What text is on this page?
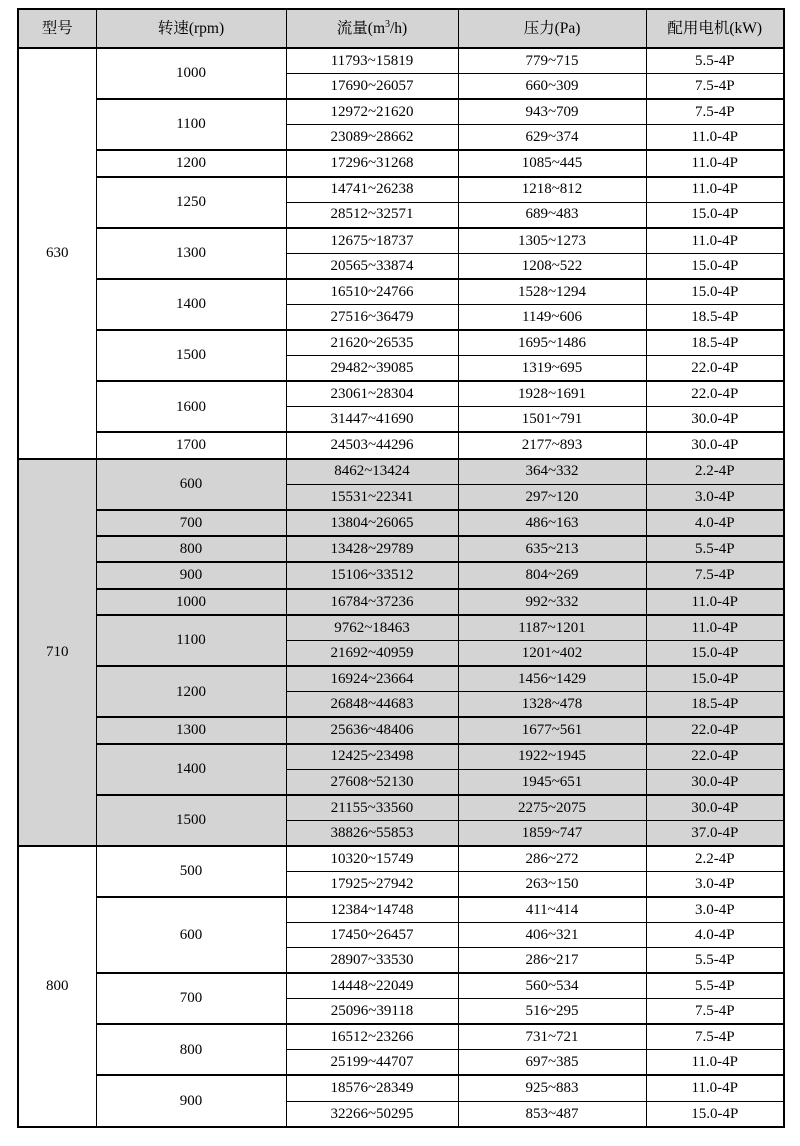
型号	转速(rpm)	流量$(m^3/h)$	压力(Pa)	配用电机(kW)
630	1000	11793~15819	779~715	5.5-4P
		17690~26057	660~309	7.5-4P
	1100	12972~21620	943~709	7.5-4P
		23089~28662	629~374	11.0-4P
	1200	17296~31268	1085~445	11.0-4P
	1250	14741~26238	1218~812	11.0-4P
		28512~32571	689~483	15.0-4P
	1300	12675~18737	1305~1273	11.0-4P
		20565~33874	1208~522	15.0-4P
	1400	16510~24766	1528~1294	15.0-4P
		27516~36479	1149~606	18.5-4P
	1500	21620~26535	1695~1486	18.5-4P
		29482~39085	1319~695	22.0-4P
	1600	23061~28304	1928~1691	22.0-4P
		31447~41690	1501~791	30.0-4P
	1700	24503~44296	2177~893	30.0-4P
710	600	8462~13424	364~332	2.2-4P
		15531~22341	297~120	3.0-4P
	700	13804~26065	486~163	4.0-4P
	800	13428~29789	635~213	5.5-4P
	900	15106~33512	804~269	7.5-4P
	1000	16784~37236	992~332	11.0-4P
	1100	9762~18463	1187~1201	11.0-4P
		21692~40959	1201~402	15.0-4P
	1200	16924~23664	1456~1429	15.0-4P
		26848~44683	1328~478	18.5-4P
	1300	25636~48406	1677~561	22.0-4P
	1400	12425~23498	1922~1945	22.0-4P
		27608~52130	1945~651	30.0-4P
	1500	21155~33560	2275~2075	30.0-4P
		38826~55853	1859~747	37.0-4P
800	500	10320~15749	286~272	2.2-4P
		17925~27942	263~150	3.0-4P
	600	12384~14748	411~414	3.0-4P
		17450~26457	406~321	4.0-4P
		28907~33530	286~217	5.5-4P
	700	14448~22049	560~534	5.5-4P
		25096~39118	516~295	7.5-4P
	800	16512~23266	731~721	7.5-4P
		25199~44707	697~385	11.0-4P
	900	18576~28349	925~883	11.0-4P
		32266~50295	853~487	15.0-4P
